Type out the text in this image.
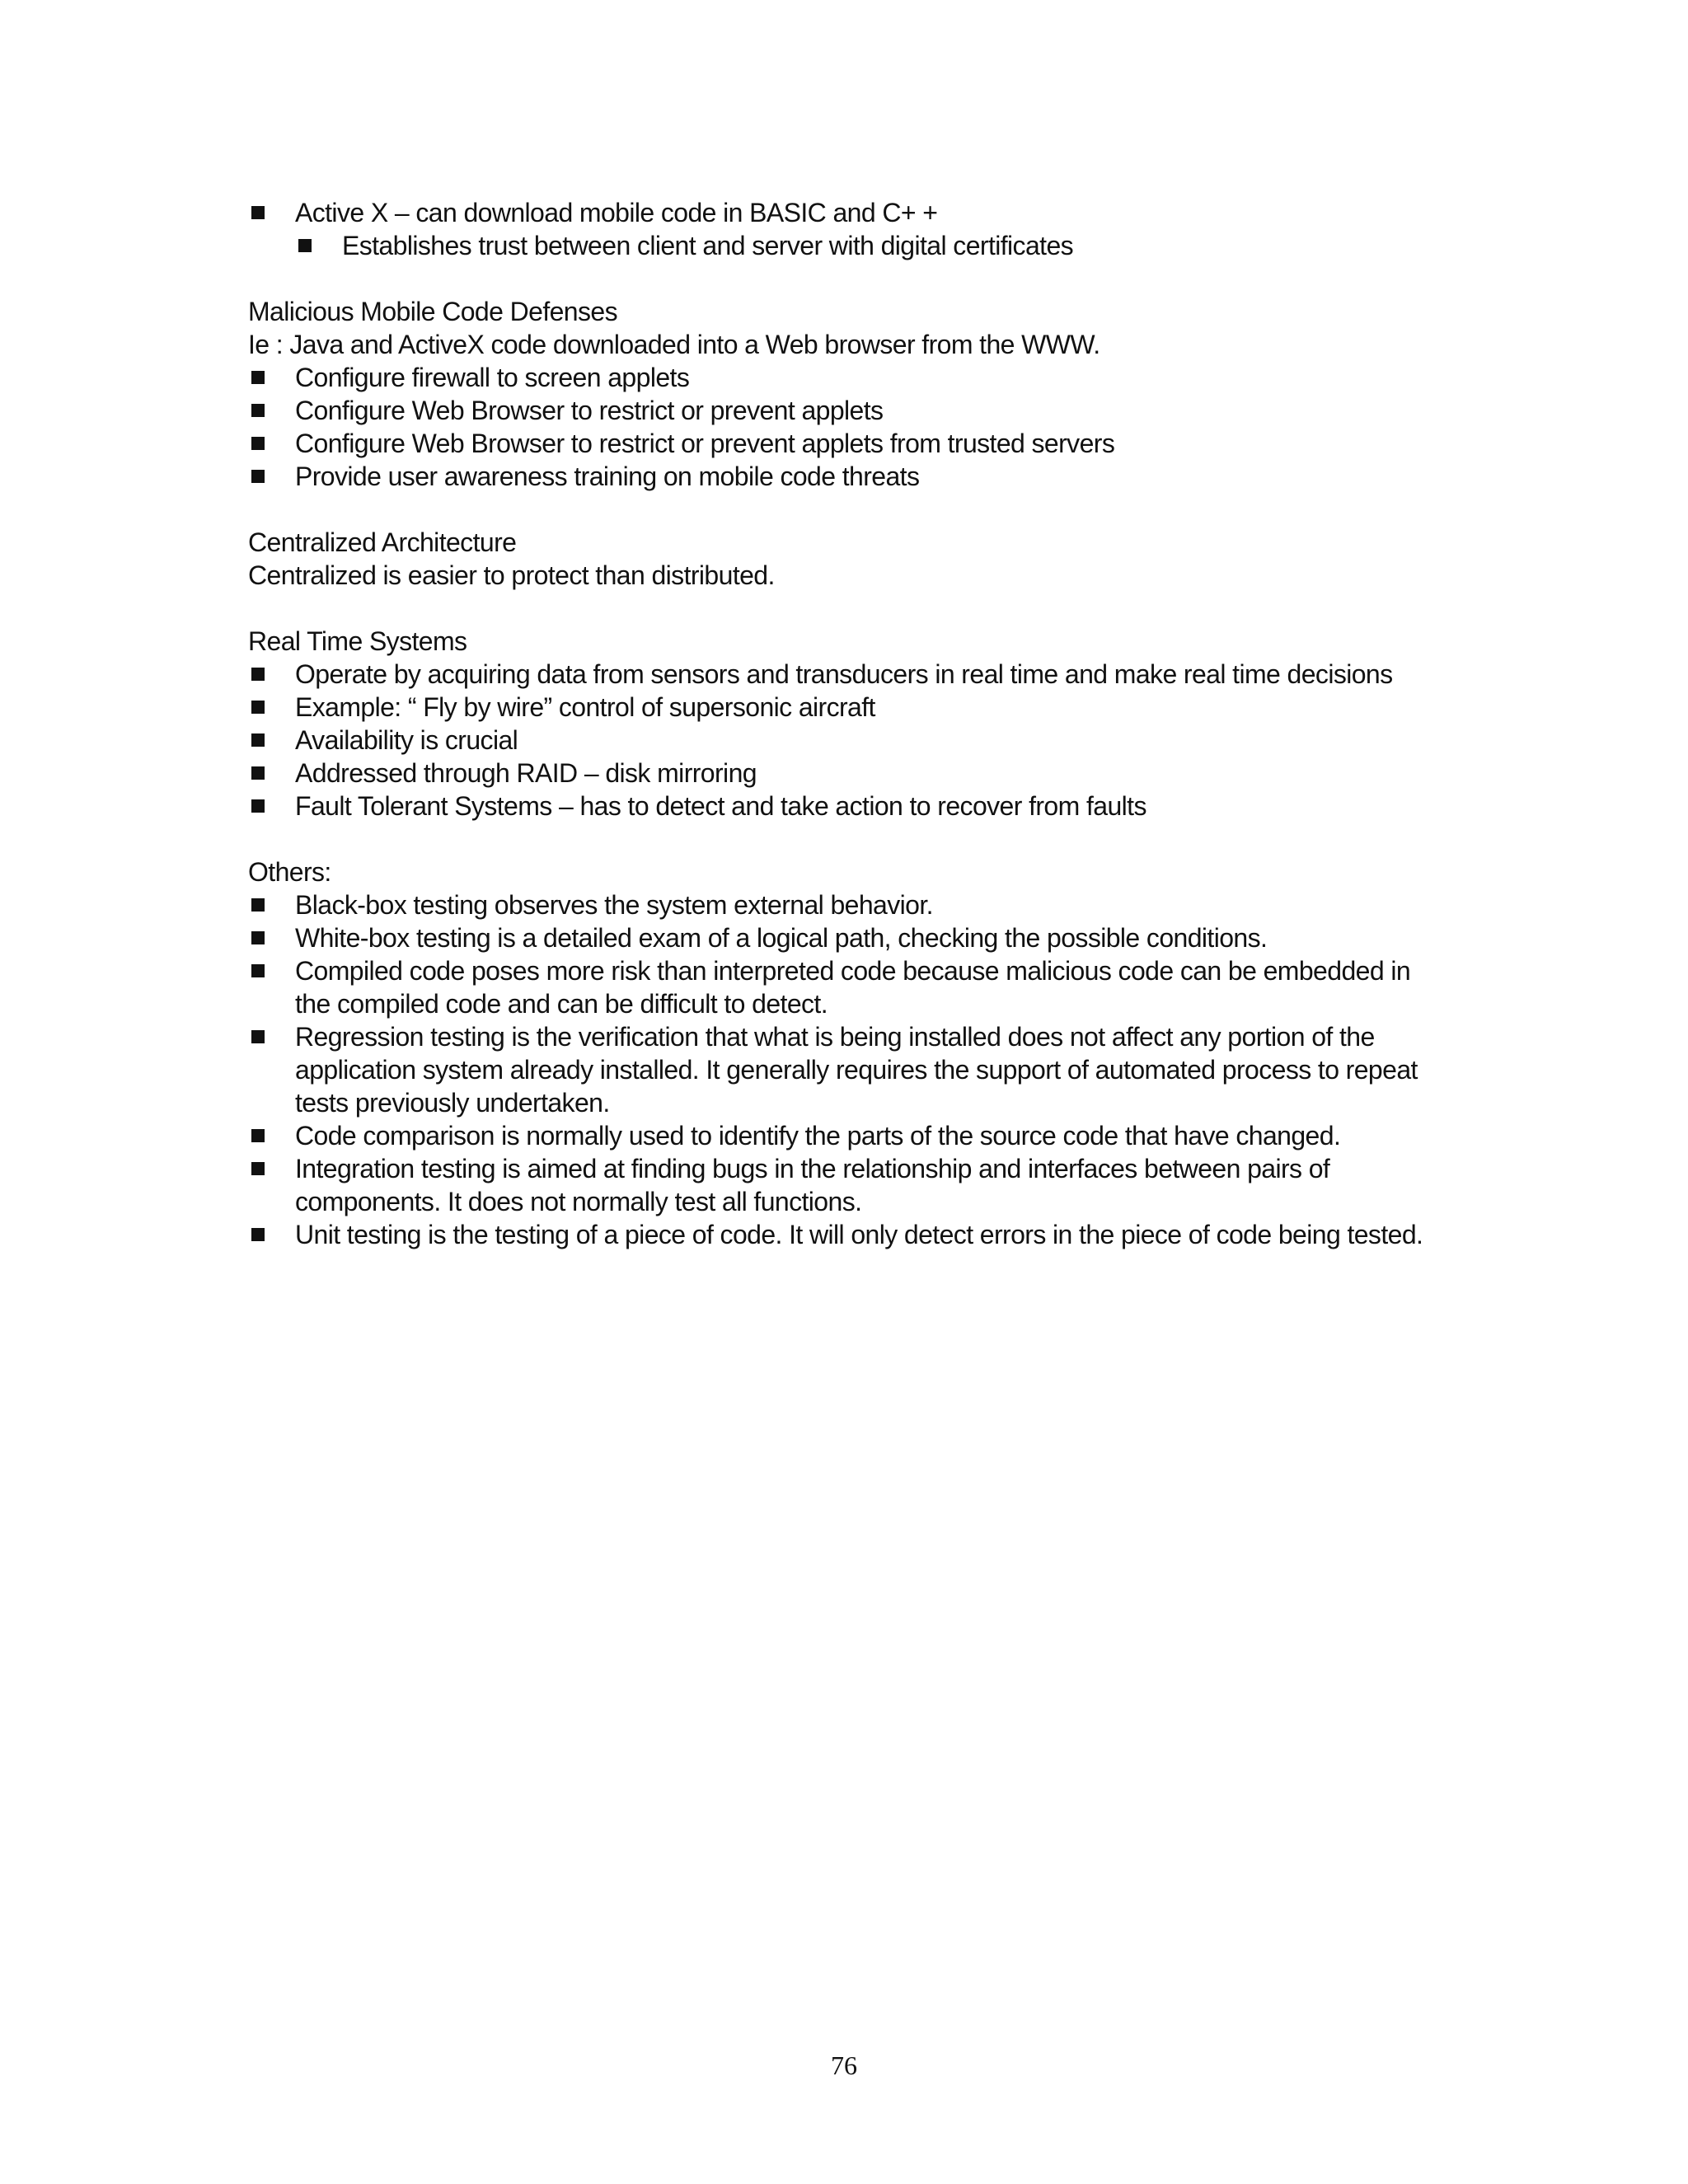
Active X – can download mobile code in BASIC and C+ +
Establishes trust between client and server with digital certificates

Malicious Mobile Code Defenses

Ie : Java and ActiveX code downloaded into a Web browser from the WWW.

Configure firewall to screen applets
Configure Web Browser to restrict or prevent applets
Configure Web Browser to restrict or prevent applets from trusted servers
Provide user awareness training on mobile code threats

Centralized Architecture

Centralized is easier to protect than distributed.

Real Time Systems

Operate by acquiring data from sensors and transducers in real time and make real time decisions
Example: “ Fly by wire” control of supersonic aircraft
Availability is crucial
Addressed through RAID – disk mirroring
Fault Tolerant Systems – has to detect and take action to recover from faults

Others:

Black-box testing observes the system external behavior.
White-box testing is a detailed exam of a logical path, checking the possible conditions.
Compiled code poses more risk than interpreted code because malicious code can be embedded in the compiled code and can be difficult to detect.
Regression testing is the verification that what is being installed does not affect any portion of the application system already installed. It generally requires the support of automated process to repeat tests previously undertaken.
Code comparison is normally used to identify the parts of the source code that have changed.
Integration testing is aimed at finding bugs in the relationship and interfaces between pairs of components. It does not normally test all functions.
Unit testing is the testing of a piece of code. It will only detect errors in the piece of code being tested.
76
